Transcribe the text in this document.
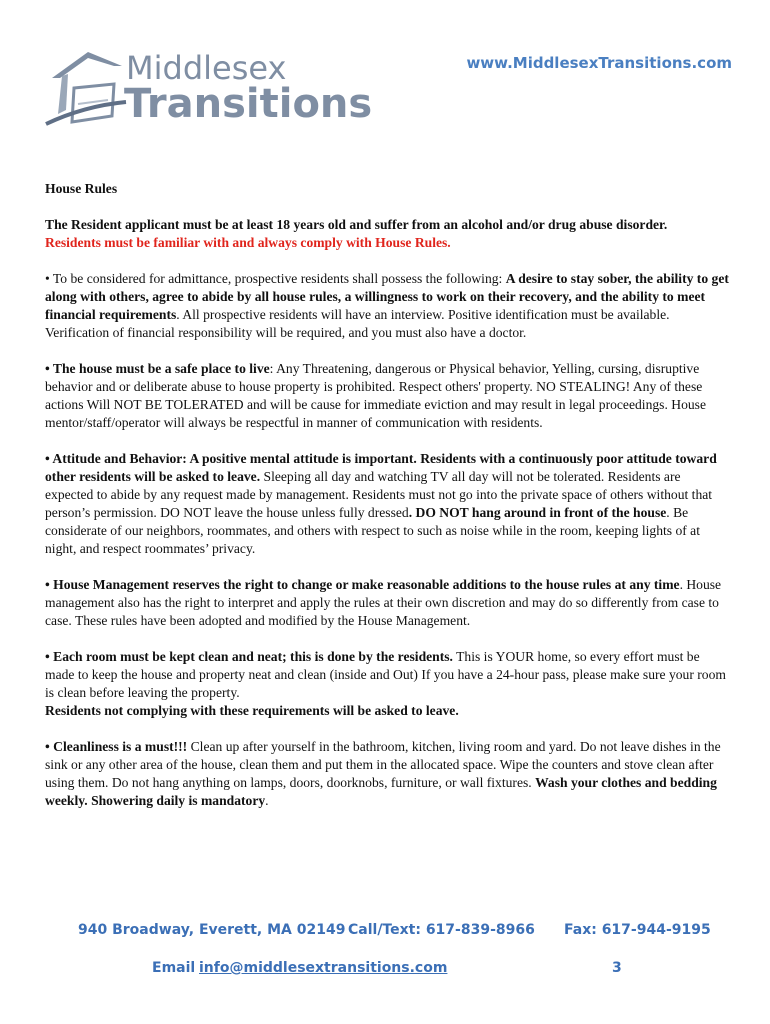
Middlesex
Transitions
www.MiddlesexTransitions.com
House Rules

The Resident applicant must be at least 18 years old and suffer from an alcohol and/or drug abuse disorder.
Residents must be familiar with and always comply with House Rules.

• To be considered for admittance, prospective residents shall possess the following: A desire to stay sober, the ability to get along with others, agree to abide by all house rules, a willingness to work on their recovery, and the ability to meet financial requirements. All prospective residents will have an interview. Positive identification must be available. Verification of financial responsibility will be required, and you must also have a doctor.

• The house must be a safe place to live: Any Threatening, dangerous or Physical behavior, Yelling, cursing, disruptive behavior and or deliberate abuse to house property is prohibited. Respect others' property. NO STEALING! Any of these actions Will NOT BE TOLERATED and will be cause for immediate eviction and may result in legal proceedings. House mentor/staff/operator will always be respectful in manner of communication with residents.

• Attitude and Behavior: A positive mental attitude is important. Residents with a continuously poor attitude toward other residents will be asked to leave. Sleeping all day and watching TV all day will not be tolerated. Residents are expected to abide by any request made by management. Residents must not go into the private space of others without that person’s permission. DO NOT leave the house unless fully dressed. DO NOT hang around in front of the house. Be considerate of our neighbors, roommates, and others with respect to such as noise while in the room, keeping lights of at night, and respect roommates’ privacy.

• House Management reserves the right to change or make reasonable additions to the house rules at any time. House management also has the right to interpret and apply the rules at their own discretion and may do so differently from case to case. These rules have been adopted and modified by the House Management.

• Each room must be kept clean and neat; this is done by the residents. This is YOUR home, so every effort must be made to keep the house and property neat and clean (inside and Out) If you have a 24-hour pass, please make sure your room is clean before leaving the property.
Residents not complying with these requirements will be asked to leave.

• Cleanliness is a must!!! Clean up after yourself in the bathroom, kitchen, living room and yard. Do not leave dishes in the sink or any other area of the house, clean them and put them in the allocated space. Wipe the counters and stove clean after using them. Do not hang anything on lamps, doors, doorknobs, furniture, or wall fixtures. Wash your clothes and bedding weekly. Showering daily is mandatory.

940 Broadway, Everett, MA 02149 Call/Text: 617-839-8966 Fax: 617-944-9195
Email info@middlesextransitions.com	3
